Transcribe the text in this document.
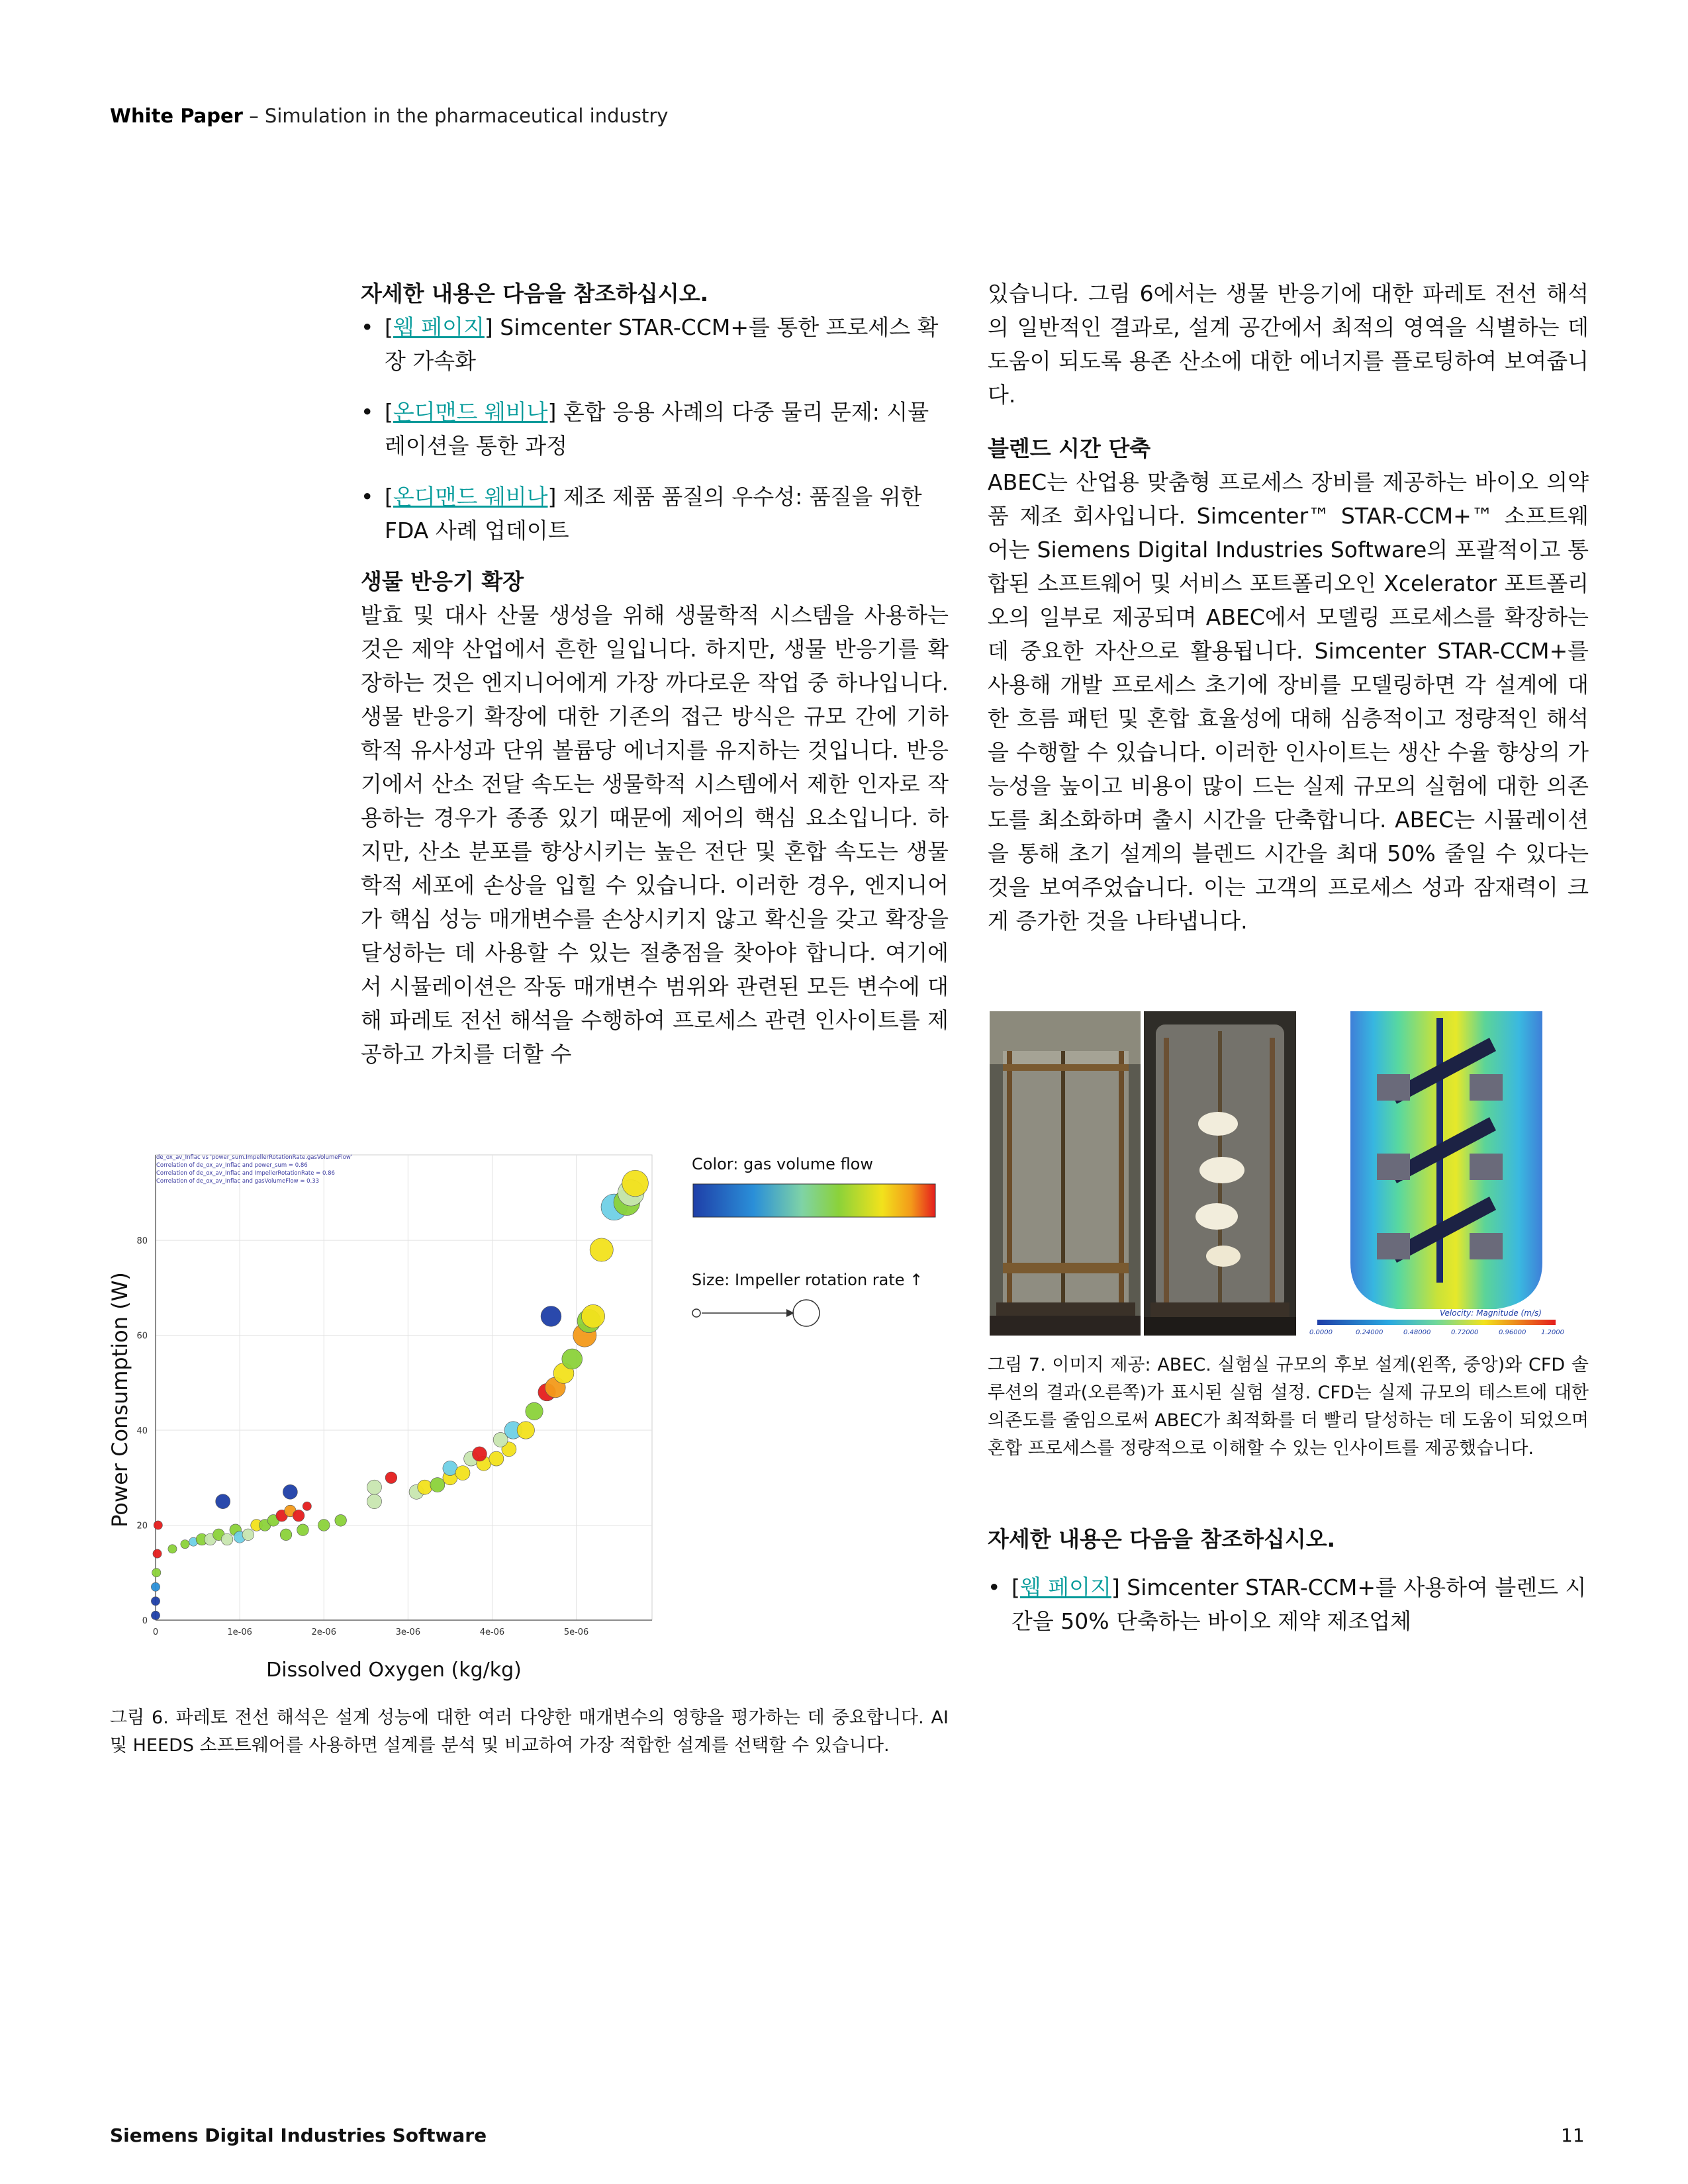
White Paper – Simulation in the pharmaceutical industry

자세한 내용은 다음을 참조하십시오.

• [웹 페이지] Simcenter STAR-CCM+를 통한 프로세스 확장 가속화
• [온디맨드 웨비나] 혼합 응용 사례의 다중 물리 문제: 시뮬레이션을 통한 과정
• [온디맨드 웨비나] 제조 제품 품질의 우수성: 품질을 위한 FDA 사례 업데이트

생물 반응기 확장

발효 및 대사 산물 생성을 위해 생물학적 시스템을 사용하는 것은 제약 산업에서 흔한 일입니다. 하지만, 생물 반응기를 확장하는 것은 엔지니어에게 가장 까다로운 작업 중 하나입니다. 생물 반응기 확장에 대한 기존의 접근 방식은 규모 간에 기하학적 유사성과 단위 볼륨당 에너지를 유지하는 것입니다. 반응기에서 산소 전달 속도는 생물학적 시스템에서 제한 인자로 작용하는 경우가 종종 있기 때문에 제어의 핵심 요소입니다. 하지만, 산소 분포를 향상시키는 높은 전단 및 혼합 속도는 생물학적 세포에 손상을 입힐 수 있습니다. 이러한 경우, 엔지니어가 핵심 성능 매개변수를 손상시키지 않고 확신을 갖고 확장을 달성하는 데 사용할 수 있는 절충점을 찾아야 합니다. 여기에서 시뮬레이션은 작동 매개변수 범위와 관련된 모든 변수에 대해 파레토 전선 해석을 수행하여 프로세스 관련 인사이트를 제공하고 가치를 더할 수

있습니다. 그림 6에서는 생물 반응기에 대한 파레토 전선 해석의 일반적인 결과로, 설계 공간에서 최적의 영역을 식별하는 데 도움이 되도록 용존 산소에 대한 에너지를 플로팅하여 보여줍니다.

블렌드 시간 단축

ABEC는 산업용 맞춤형 프로세스 장비를 제공하는 바이오 의약품 제조 회사입니다. Simcenter™ STAR-CCM+™ 소프트웨어는 Siemens Digital Industries Software의 포괄적이고 통합된 소프트웨어 및 서비스 포트폴리오인 Xcelerator 포트폴리오의 일부로 제공되며 ABEC에서 모델링 프로세스를 확장하는 데 중요한 자산으로 활용됩니다. Simcenter STAR-CCM+를 사용해 개발 프로세스 초기에 장비를 모델링하면 각 설계에 대한 흐름 패턴 및 혼합 효율성에 대해 심층적이고 정량적인 해석을 수행할 수 있습니다. 이러한 인사이트는 생산 수율 향상의 가능성을 높이고 비용이 많이 드는 실제 규모의 실험에 대한 의존도를 최소화하며 출시 시간을 단축합니다. ABEC는 시뮬레이션을 통해 초기 설계의 블렌드 시간을 최대 50% 줄일 수 있다는 것을 보여주었습니다. 이는 고객의 프로세스 성과 잠재력이 크게 증가한 것을 나타냅니다.

0	1e-06	2e-06	3e-06	4e-06	5e-06
0
20
40
60
80
de_ox_av_Inflac vs 'power_sum.ImpellerRotationRate.gasVolumeFlow'
Correlation of de_ox_av_Inflac and power_sum = 0.86
Correlation of de_ox_av_Inflac and ImpellerRotationRate = 0.86
Correlation of de_ox_av_Inflac and gasVolumeFlow = 0.33
Power Consumption (W)
Dissolved Oxygen (kg/kg)
Color: gas volume flow
Size: Impeller rotation rate ↑
그림 6. 파레토 전선 해석은 설계 성능에 대한 여러 다양한 매개변수의 영향을 평가하는 데 중요합니다. AI 및 HEEDS 소프트웨어를 사용하면 설계를 분석 및 비교하여 가장 적합한 설계를 선택할 수 있습니다.
Velocity: Magnitude (m/s)
0.0000	0.24000	0.48000	0.72000	0.96000 1.2000
그림 7. 이미지 제공: ABEC. 실험실 규모의 후보 설계(왼쪽, 중앙)와 CFD 솔루션의 결과(오른쪽)가 표시된 실험 설정. CFD는 실제 규모의 테스트에 대한 의존도를 줄임으로써 ABEC가 최적화를 더 빨리 달성하는 데 도움이 되었으며 혼합 프로세스를 정량적으로 이해할 수 있는 인사이트를 제공했습니다.

자세한 내용은 다음을 참조하십시오.

• [웹 페이지] Simcenter STAR-CCM+를 사용하여 블렌드 시간을 50% 단축하는 바이오 제약 제조업체
Siemens Digital Industries Software	11
